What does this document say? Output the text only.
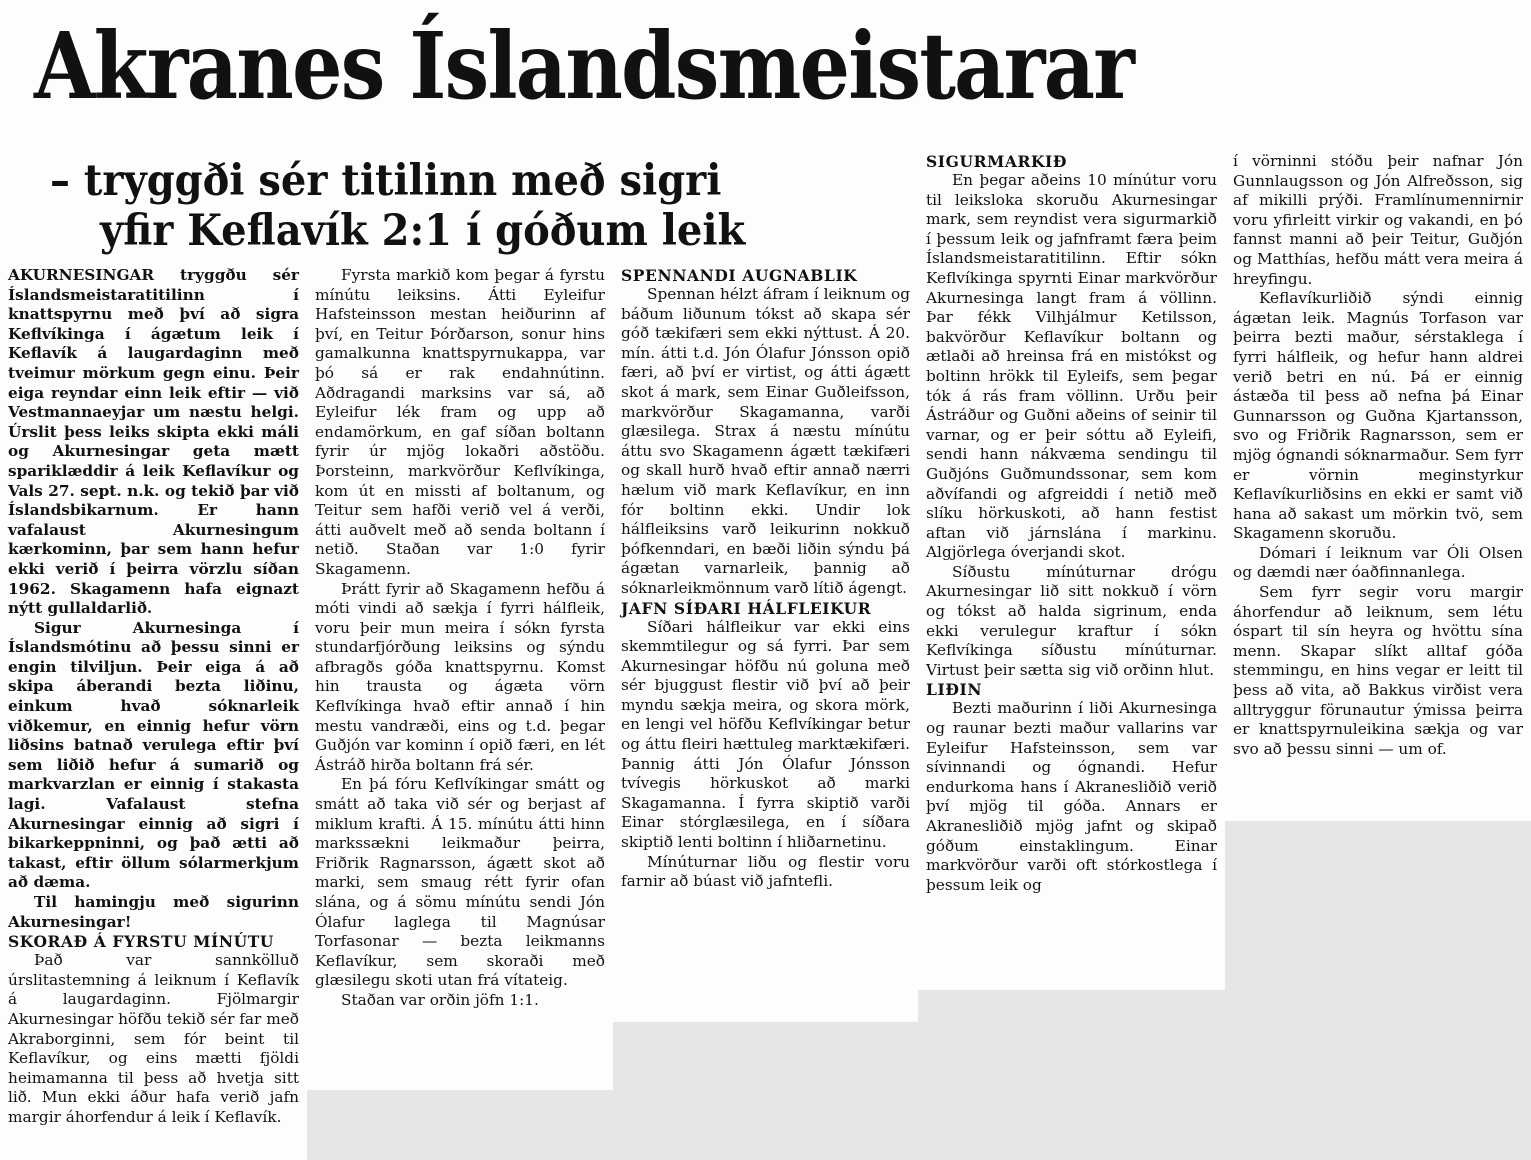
Akranes Íslandsmeistarar
– tryggði sér titilinn með sigri
yfir Keflavík 2:1 í góðum leik

AKURNESINGAR tryggðu sér Íslandsmeistaratitilinn í knattspyrnu með því að sigra Keflvíkinga í ágætum leik í Keflavík á laugardaginn með tveimur mörkum gegn einu. Þeir eiga reyndar einn leik eftir — við Vestmannaeyjar um næstu helgi. Úrslit þess leiks skipta ekki máli og Akurnesingar geta mætt spariklæddir á leik Keflavíkur og Vals 27. sept. n.k. og tekið þar við Íslandsbikarnum. Er hann vafalaust Akurnesingum kærkominn, þar sem hann hefur ekki verið í þeirra vörzlu síðan 1962. Skagamenn hafa eignazt nýtt gullaldarlið.

Sigur Akurnesinga í Íslandsmótinu að þessu sinni er engin tilviljun. Þeir eiga á að skipa áberandi bezta liðinu, einkum hvað sóknarleik viðkemur, en einnig hefur vörn liðsins batnað verulega eftir því sem liðið hefur á sumarið og markvarzlan er einnig í stakasta lagi. Vafalaust stefna Akurnesingar einnig að sigri í bikarkeppninni, og það ætti að takast, eftir öllum sólarmerkjum að dæma.

Til hamingju með sigurinn Akurnesingar!

SKORAÐ Á FYRSTU MÍNÚTU

Það var sannkölluð úrslitastemning á leiknum í Keflavík á laugardaginn. Fjölmargir Akurnesingar höfðu tekið sér far með Akraborginni, sem fór beint til Keflavíkur, og eins mætti fjöldi heimamanna til þess að hvetja sitt lið. Mun ekki áður hafa verið jafn margir áhorfendur á leik í Keflavík.

Fyrsta markið kom þegar á fyrstu mínútu leiksins. Átti Eyleifur Hafsteinsson mestan heiðurinn af því, en Teitur Þórðarson, sonur hins gamalkunna knattspyrnukappa, var þó sá er rak endahnútinn. Aðdragandi marksins var sá, að Eyleifur lék fram og upp að endamörkum, en gaf síðan boltann fyrir úr mjög lokaðri aðstöðu. Þorsteinn, markvörður Keflvíkinga, kom út en missti af boltanum, og Teitur sem hafði verið vel á verði, átti auðvelt með að senda boltann í netið. Staðan var 1:0 fyrir Skagamenn.

Þrátt fyrir að Skagamenn hefðu á móti vindi að sækja í fyrri hálfleik, voru þeir mun meira í sókn fyrsta stundarfjórðung leiksins og sýndu afbragðs góða knattspyrnu. Komst hin trausta og ágæta vörn Keflvíkinga hvað eftir annað í hin mestu vandræði, eins og t.d. þegar Guðjón var kominn í opið færi, en lét Ástráð hirða boltann frá sér.

En þá fóru Keflvíkingar smátt og smátt að taka við sér og berjast af miklum krafti. Á 15. mínútu átti hinn markssækni leikmaður þeirra, Friðrik Ragnarsson, ágætt skot að marki, sem smaug rétt fyrir ofan slána, og á sömu mínútu sendi Jón Ólafur laglega til Magnúsar Torfasonar — bezta leikmanns Keflavíkur, sem skoraði með glæsilegu skoti utan frá vítateig.

Staðan var orðin jöfn 1:1.

SPENNANDI AUGNABLIK

Spennan hélzt áfram í leiknum og báðum liðunum tókst að skapa sér góð tækifæri sem ekki nýttust. Á 20. mín. átti t.d. Jón Ólafur Jónsson opið færi, að því er virtist, og átti ágætt skot á mark, sem Einar Guðleifsson, markvörður Skagamanna, varði glæsilega. Strax á næstu mínútu áttu svo Skagamenn ágætt tækifæri og skall hurð hvað eftir annað nærri hælum við mark Keflavíkur, en inn fór boltinn ekki. Undir lok hálfleiksins varð leikurinn nokkuð þófkenndari, en bæði liðin sýndu þá ágætan varnarleik, þannig að sóknarleikmönnum varð lítið ágengt.

JAFN SÍÐARI HÁLFLEIKUR

Síðari hálfleikur var ekki eins skemmtilegur og sá fyrri. Þar sem Akurnesingar höfðu nú goluna með sér bjuggust flestir við því að þeir myndu sækja meira, og skora mörk, en lengi vel höfðu Keflvíkingar betur og áttu fleiri hættuleg marktækifæri. Þannig átti Jón Ólafur Jónsson tvívegis hörkuskot að marki Skagamanna. Í fyrra skiptið varði Einar stórglæsilega, en í síðara skiptið lenti boltinn í hliðarnetinu.

Mínúturnar liðu og flestir voru farnir að búast við jafntefli.

SIGURMARKIÐ

En þegar aðeins 10 mínútur voru til leiksloka skoruðu Akurnesingar mark, sem reyndist vera sigurmarkið í þessum leik og jafnframt færa þeim Íslandsmeistaratitilinn. Eftir sókn Keflvíkinga spyrnti Einar markvörður Akurnesinga langt fram á völlinn. Þar fékk Vilhjálmur Ketilsson, bakvörður Keflavíkur boltann og ætlaði að hreinsa frá en mistókst og boltinn hrökk til Eyleifs, sem þegar tók á rás fram völlinn. Urðu þeir Ástráður og Guðni aðeins of seinir til varnar, og er þeir sóttu að Eyleifi, sendi hann nákvæma sendingu til Guðjóns Guðmundssonar, sem kom aðvífandi og afgreiddi í netið með slíku hörkuskoti, að hann festist aftan við járnslána í markinu. Algjörlega óverjandi skot.

Síðustu mínúturnar drógu Akurnesingar lið sitt nokkuð í vörn og tókst að halda sigrinum, enda ekki verulegur kraftur í sókn Keflvíkinga síðustu mínúturnar. Virtust þeir sætta sig við orðinn hlut.

LIÐIN

Bezti maðurinn í liði Akurnesinga og raunar bezti maður vallarins var Eyleifur Hafsteinsson, sem var sívinnandi og ógnandi. Hefur endurkoma hans í Akranesliðið verið því mjög til góða. Annars er Akranesliðið mjög jafnt og skipað góðum einstaklingum. Einar markvörður varði oft stórkostlega í þessum leik og

í vörninni stóðu þeir nafnar Jón Gunnlaugsson og Jón Alfreðsson, sig af mikilli prýði. Framlínumennirnir voru yfirleitt virkir og vakandi, en þó fannst manni að þeir Teitur, Guðjón og Matthías, hefðu mátt vera meira á hreyfingu.

Keflavíkurliðið sýndi einnig ágætan leik. Magnús Torfason var þeirra bezti maður, sérstaklega í fyrri hálfleik, og hefur hann aldrei verið betri en nú. Þá er einnig ástæða til þess að nefna þá Einar Gunnarsson og Guðna Kjartansson, svo og Friðrik Ragnarsson, sem er mjög ógnandi sóknarmaður. Sem fyrr er vörnin meginstyrkur Keflavíkurliðsins en ekki er samt við hana að sakast um mörkin tvö, sem Skagamenn skoruðu.

Dómari í leiknum var Óli Olsen og dæmdi nær óaðfinnanlega.

Sem fyrr segir voru margir áhorfendur að leiknum, sem létu óspart til sín heyra og hvöttu sína menn. Skapar slíkt alltaf góða stemmingu, en hins vegar er leitt til þess að vita, að Bakkus virðist vera alltryggur förunautur ýmissa þeirra er knattspyrnuleikina sækja og var svo að þessu sinni — um of.
